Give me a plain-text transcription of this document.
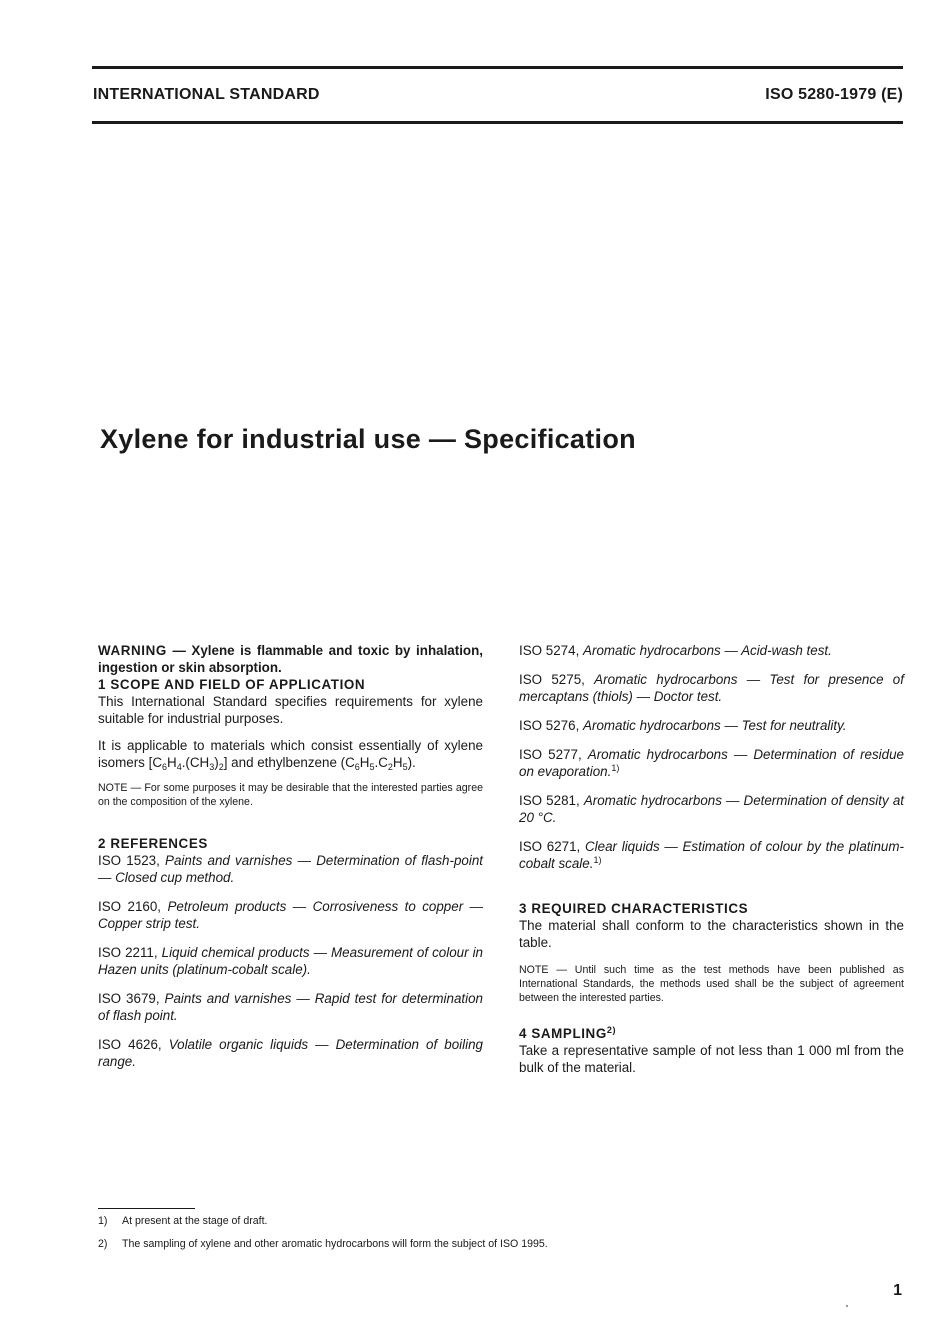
INTERNATIONAL STANDARD	ISO 5280-1979 (E)
Xylene for industrial use — Specification

WARNING — Xylene is flammable and toxic by inhalation, ingestion or skin absorption.

1 SCOPE AND FIELD OF APPLICATION

This International Standard specifies requirements for xylene suitable for industrial purposes.

It is applicable to materials which consist essentially of xylene isomers $[C_6H_4.(CH_3)_2]$ and ethylbenzene $(C_6H_5.C_2H_5)$.

NOTE — For some purposes it may be desirable that the interested parties agree on the composition of the xylene.

2 REFERENCES

ISO 1523, Paints and varnishes — Determination of flash-point — Closed cup method.

ISO 2160, Petroleum products — Corrosiveness to copper — Copper strip test.

ISO 2211, Liquid chemical products — Measurement of colour in Hazen units (platinum-cobalt scale).

ISO 3679, Paints and varnishes — Rapid test for determination of flash point.

ISO 4626, Volatile organic liquids — Determination of boiling range.

ISO 5274, Aromatic hydrocarbons — Acid-wash test.

ISO 5275, Aromatic hydrocarbons — Test for presence of mercaptans (thiols) — Doctor test.

ISO 5276, Aromatic hydrocarbons — Test for neutrality.

ISO 5277, Aromatic hydrocarbons — Determination of residue on evaporation.$^{1)}$

ISO 5281, Aromatic hydrocarbons — Determination of density at 20 °C.

ISO 6271, Clear liquids — Estimation of colour by the platinum-cobalt scale.$^{1)}$

3 REQUIRED CHARACTERISTICS

The material shall conform to the characteristics shown in the table.

NOTE — Until such time as the test methods have been published as International Standards, the methods used shall be the subject of agreement between the interested parties.

4 SAMPLING$^{2)}$

Take a representative sample of not less than 1 000 ml from the bulk of the material.

1) At present at the stage of draft.
2) The sampling of xylene and other aromatic hydrocarbons will form the subject of ISO 1995.
1
